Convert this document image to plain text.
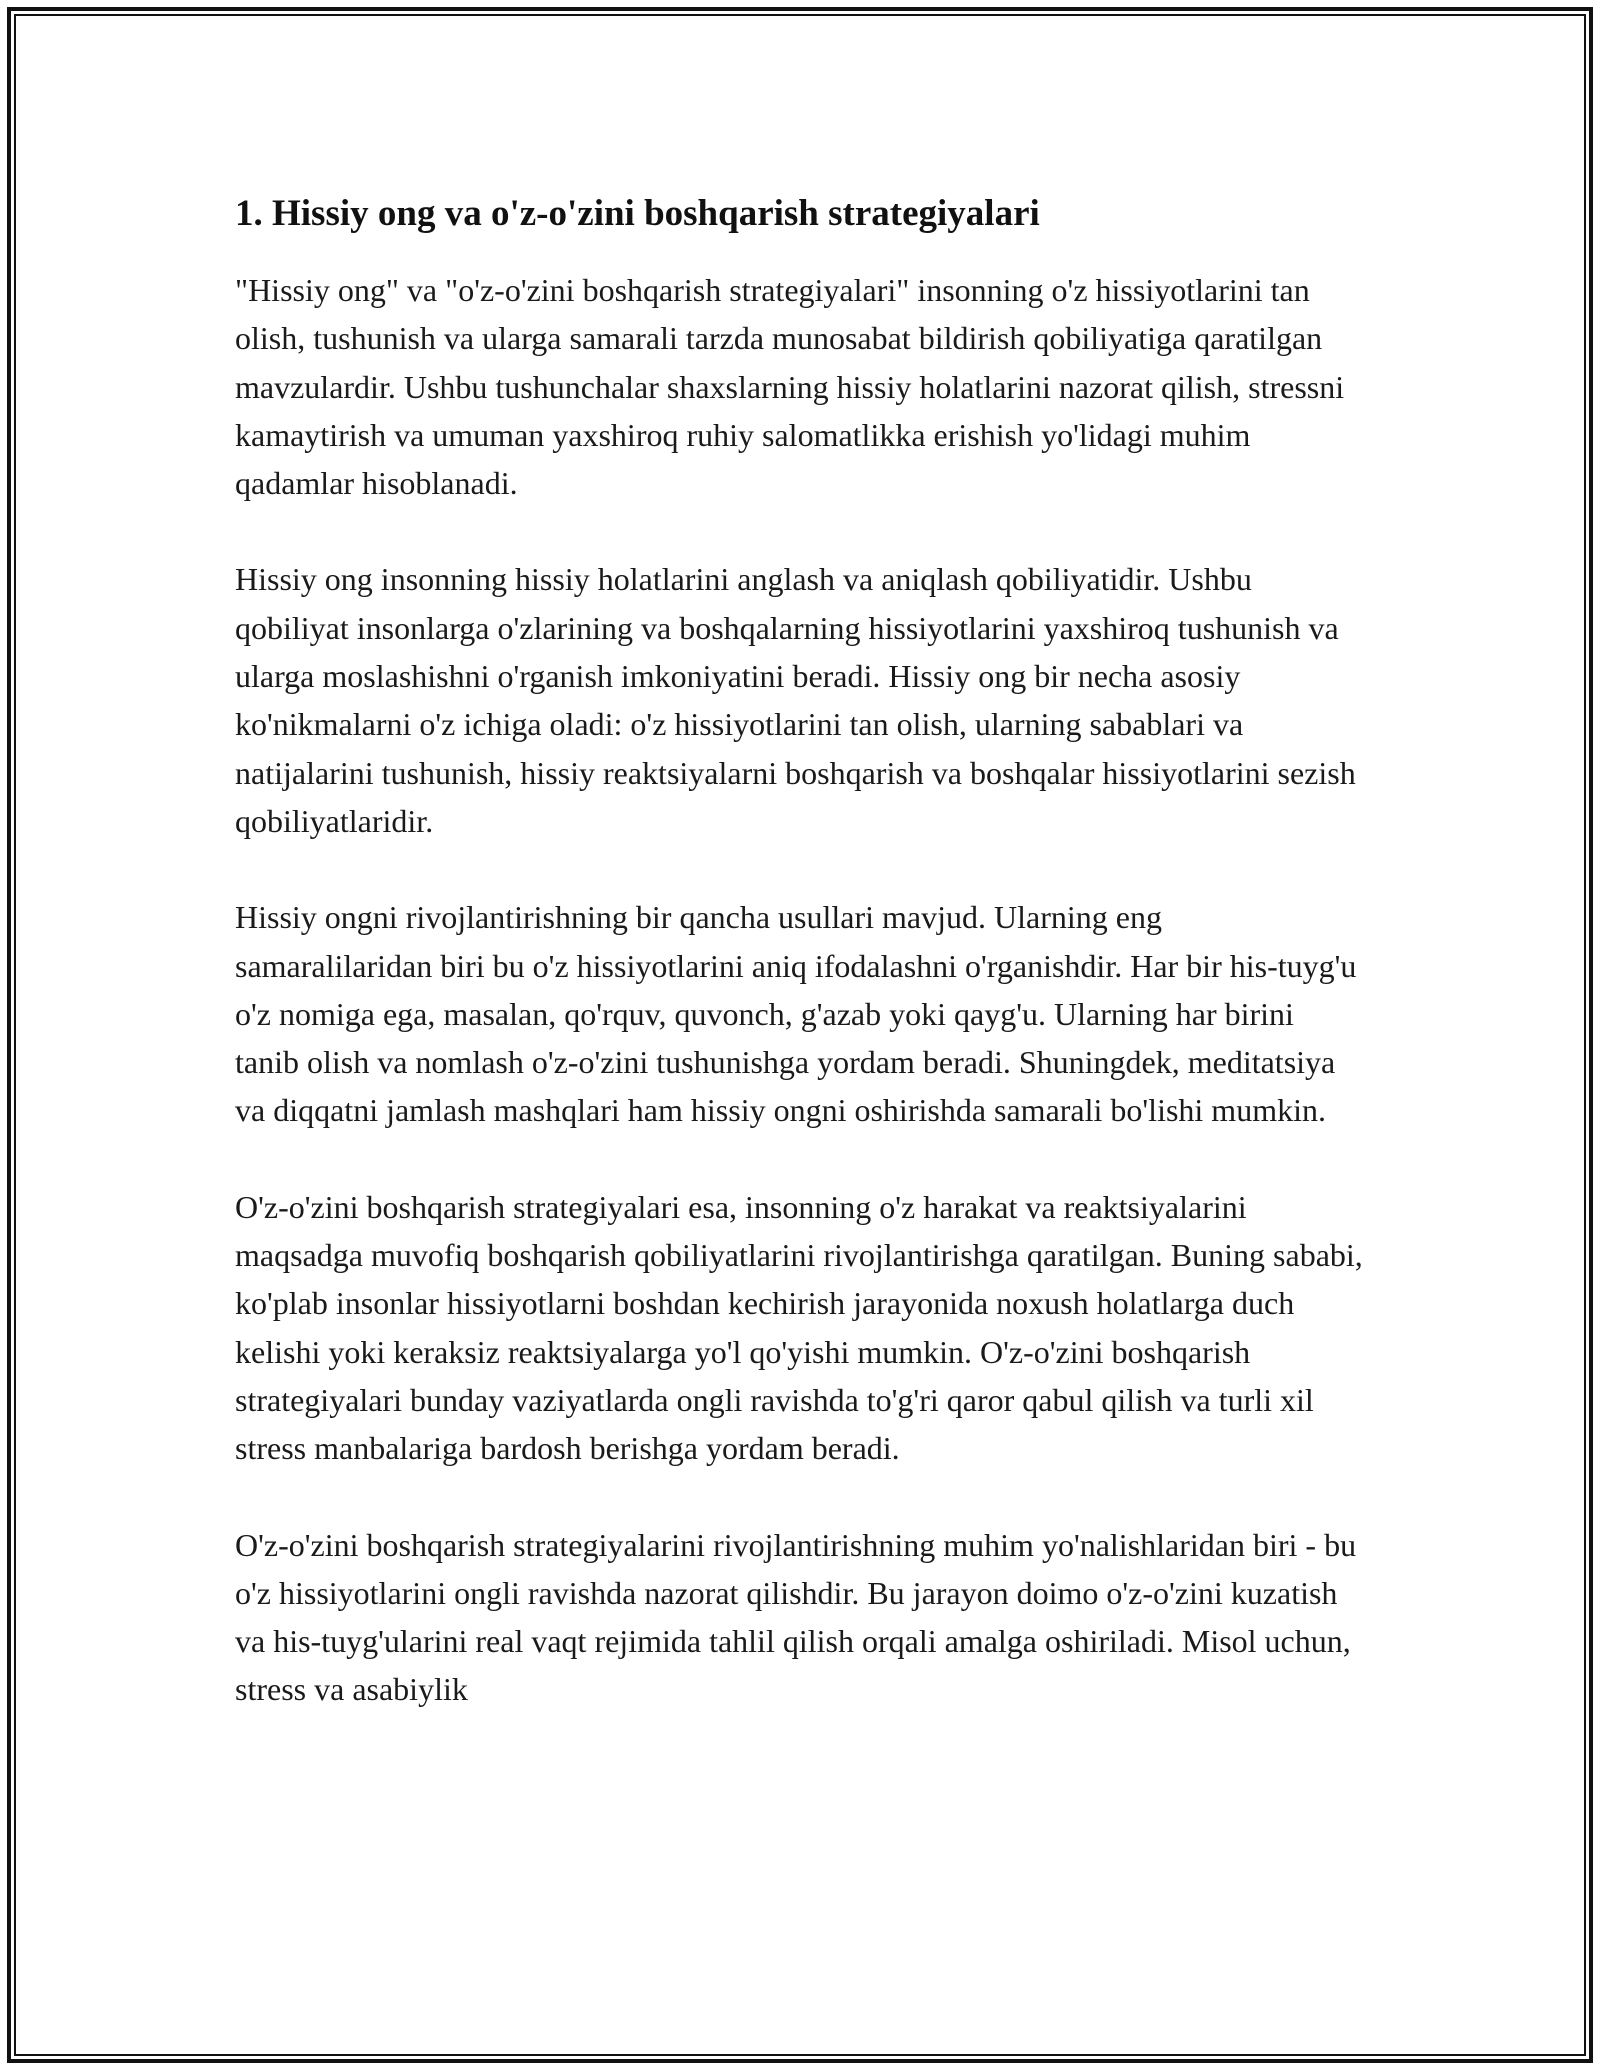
1. Hissiy ong va o'z-o'zini boshqarish strategiyalari

"Hissiy ong" va "o'z-o'zini boshqarish strategiyalari" insonning o'z hissiyotlarini tan olish, tushunish va ularga samarali tarzda munosabat bildirish qobiliyatiga qaratilgan mavzulardir. Ushbu tushunchalar shaxslarning hissiy holatlarini nazorat qilish, stressni kamaytirish va umuman yaxshiroq ruhiy salomatlikka erishish yo'lidagi muhim qadamlar hisoblanadi.

Hissiy ong insonning hissiy holatlarini anglash va aniqlash qobiliyatidir. Ushbu qobiliyat insonlarga o'zlarining va boshqalarning hissiyotlarini yaxshiroq tushunish va ularga moslashishni o'rganish imkoniyatini beradi. Hissiy ong bir necha asosiy ko'nikmalarni o'z ichiga oladi: o'z hissiyotlarini tan olish, ularning sabablari va natijalarini tushunish, hissiy reaktsiyalarni boshqarish va boshqalar hissiyotlarini sezish qobiliyatlaridir.

Hissiy ongni rivojlantirishning bir qancha usullari mavjud. Ularning eng samaralilaridan biri bu o'z hissiyotlarini aniq ifodalashni o'rganishdir. Har bir his-tuyg'u o'z nomiga ega, masalan, qo'rquv, quvonch, g'azab yoki qayg'u. Ularning har birini tanib olish va nomlash o'z-o'zini tushunishga yordam beradi. Shuningdek, meditatsiya va diqqatni jamlash mashqlari ham hissiy ongni oshirishda samarali bo'lishi mumkin.

O'z-o'zini boshqarish strategiyalari esa, insonning o'z harakat va reaktsiyalarini maqsadga muvofiq boshqarish qobiliyatlarini rivojlantirishga qaratilgan. Buning sababi, ko'plab insonlar hissiyotlarni boshdan kechirish jarayonida noxush holatlarga duch kelishi yoki keraksiz reaktsiyalarga yo'l qo'yishi mumkin. O'z-o'zini boshqarish strategiyalari bunday vaziyatlarda ongli ravishda to'g'ri qaror qabul qilish va turli xil stress manbalariga bardosh berishga yordam beradi.

O'z-o'zini boshqarish strategiyalarini rivojlantirishning muhim yo'nalishlaridan biri - bu o'z hissiyotlarini ongli ravishda nazorat qilishdir. Bu jarayon doimo o'z-o'zini kuzatish va his-tuyg'ularini real vaqt rejimida tahlil qilish orqali amalga oshiriladi. Misol uchun, stress va asabiylik
